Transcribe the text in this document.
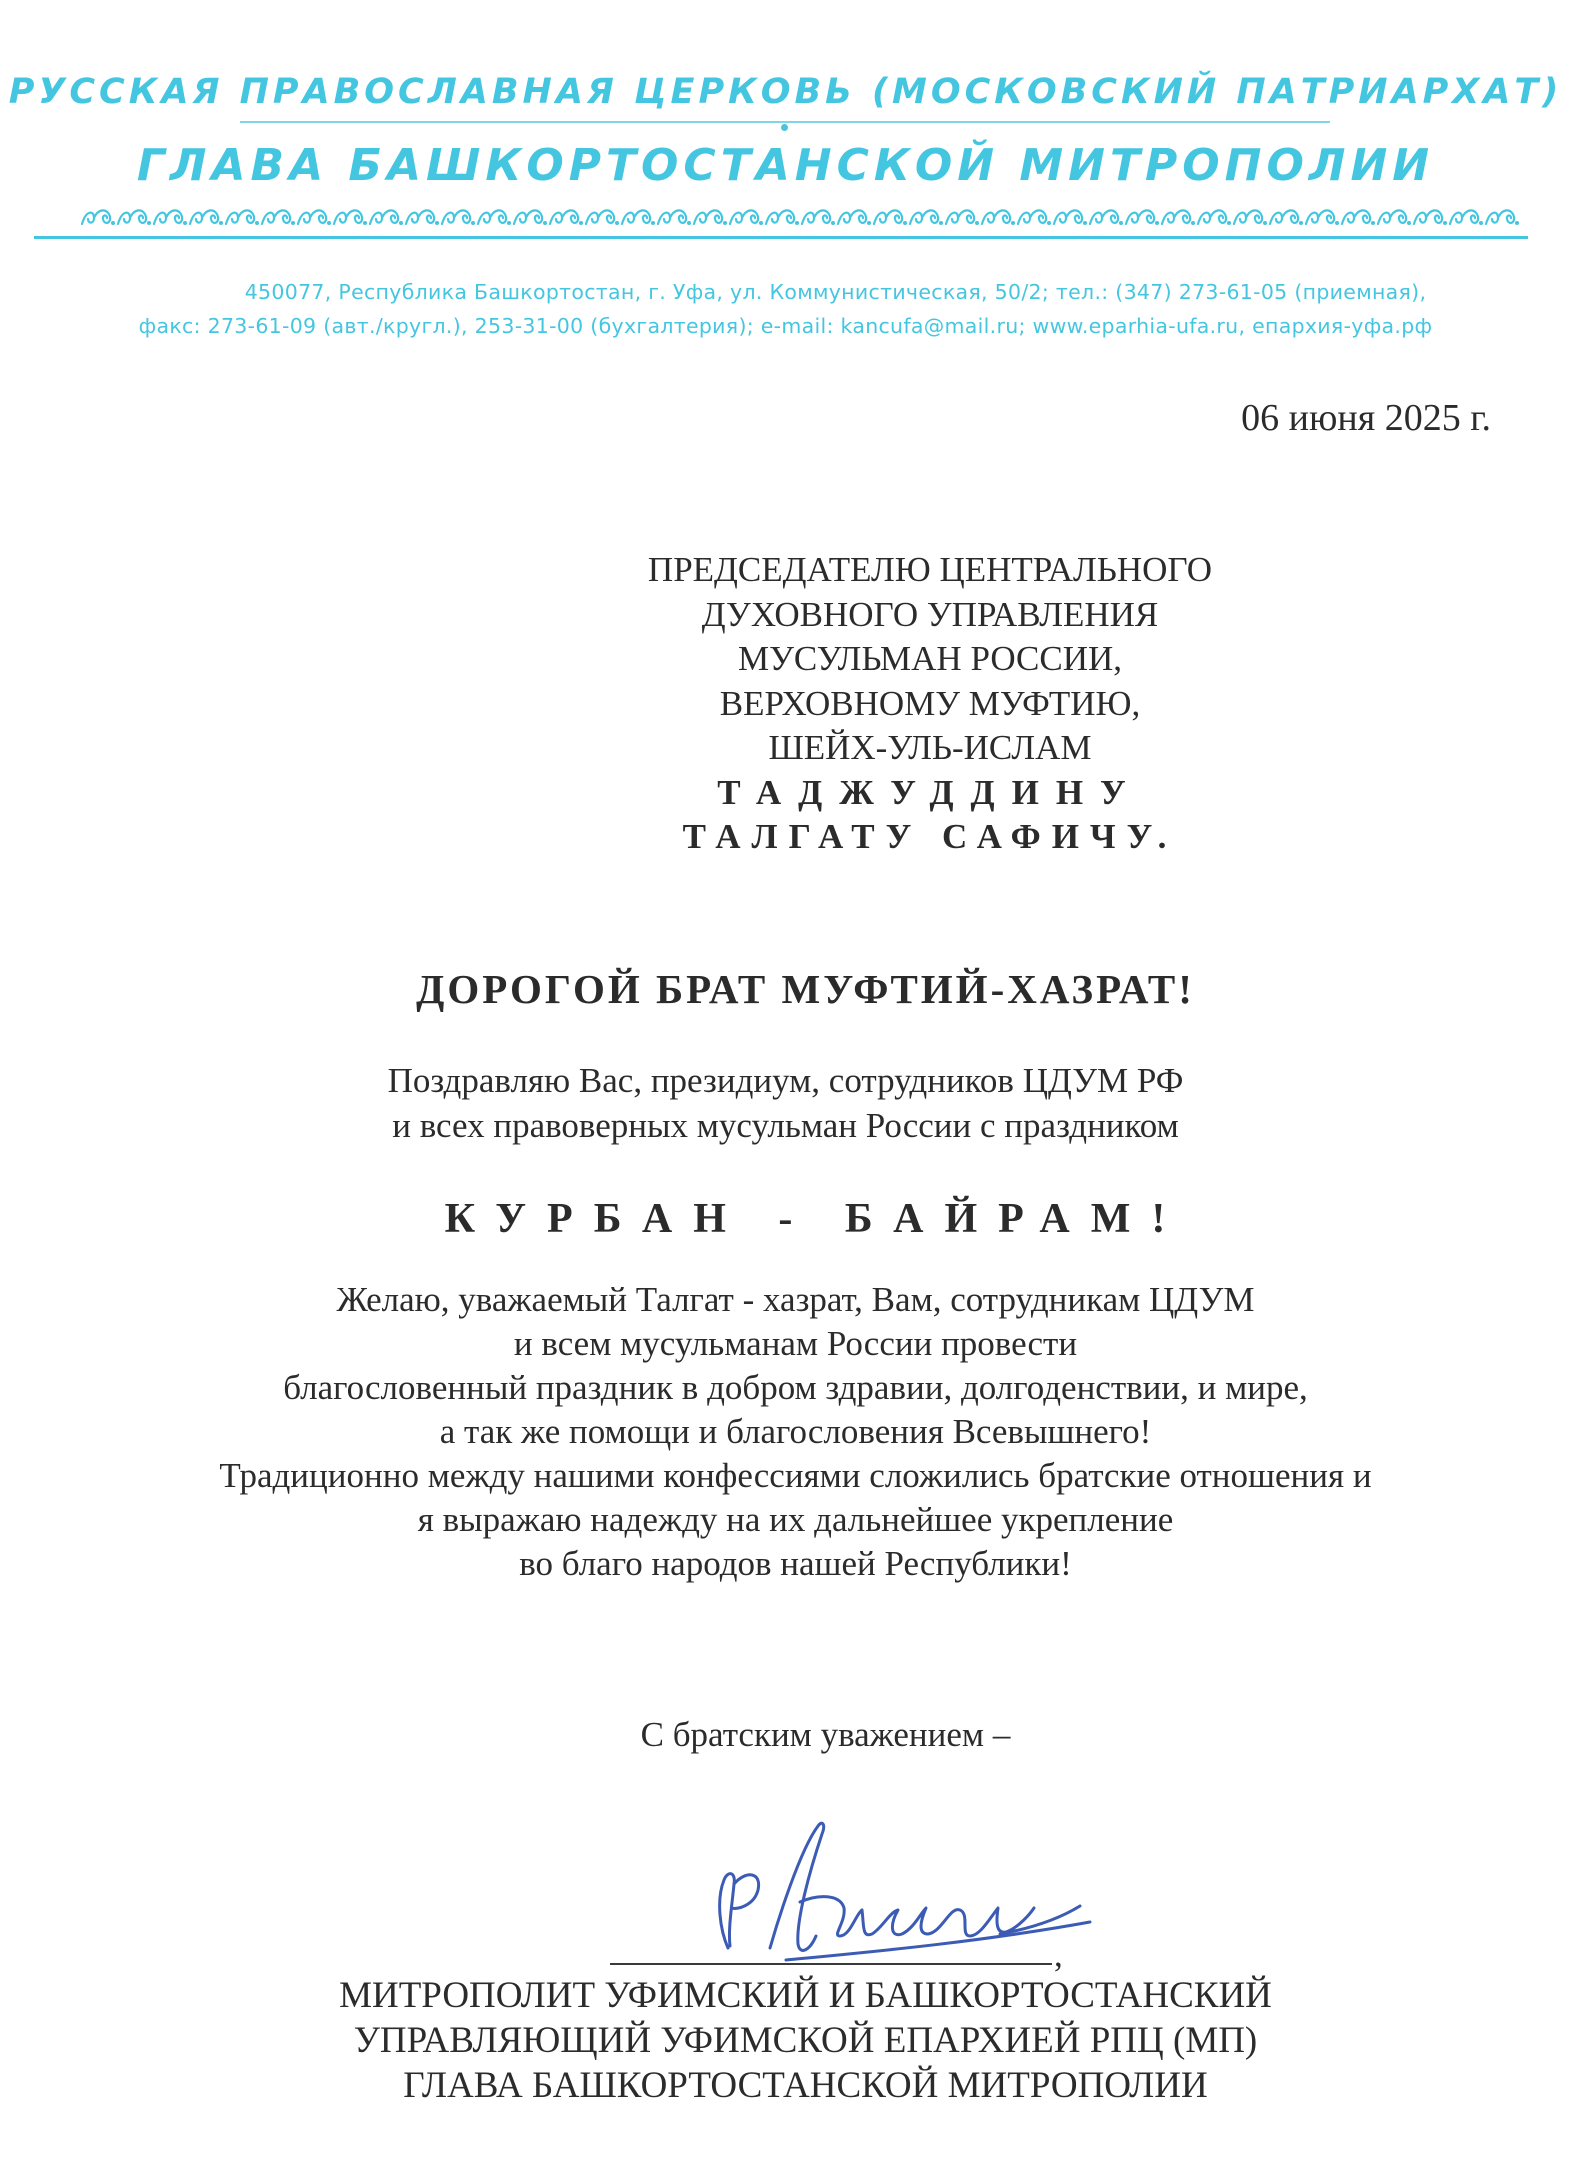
РУССКАЯ ПРАВОСЛАВНАЯ ЦЕРКОВЬ (МОСКОВСКИЙ ПАТРИАРХАТ)
ГЛАВА БАШКОРТОСТАНСКОЙ МИТРОПОЛИИ
450077, Республика Башкортостан, г. Уфа, ул. Коммунистическая, 50/2; тел.: (347) 273-61-05 (приемная),
факс: 273-61-09 (авт./кругл.), 253-31-00 (бухгалтерия); e-mail: kancufa@mail.ru; www.eparhia-ufa.ru, епархия-уфа.рф
06 июня 2025 г.
ПРЕДСЕДАТЕЛЮ ЦЕНТРАЛЬНОГО
ДУХОВНОГО УПРАВЛЕНИЯ
МУСУЛЬМАН РОССИИ,
ВЕРХОВНОМУ МУФТИЮ,
ШЕЙХ-УЛЬ-ИСЛАМ
ТАДЖУДДИНУ
ТАЛГАТУ САФИЧУ.
ДОРОГОЙ БРАТ МУФТИЙ-ХАЗРАТ!
Поздравляю Вас, президиум, сотрудников ЦДУМ РФ
и всех правоверных мусульман России с праздником
КУРБАН - БАЙРАМ!
Желаю, уважаемый Талгат - хазрат, Вам, сотрудникам ЦДУМ
и всем мусульманам России провести
благословенный праздник в добром здравии, долгоденствии, и мире,
а так же помощи и благословения Всевышнего!
Традиционно между нашими конфессиями сложились братские отношения и
я выражаю надежду на их дальнейшее укрепление
во благо народов нашей Республики!
С братским уважением –
,
МИТРОПОЛИТ УФИМСКИЙ И БАШКОРТОСТАНСКИЙ
УПРАВЛЯЮЩИЙ УФИМСКОЙ ЕПАРХИЕЙ РПЦ (МП)
ГЛАВА БАШКОРТОСТАНСКОЙ МИТРОПОЛИИ
